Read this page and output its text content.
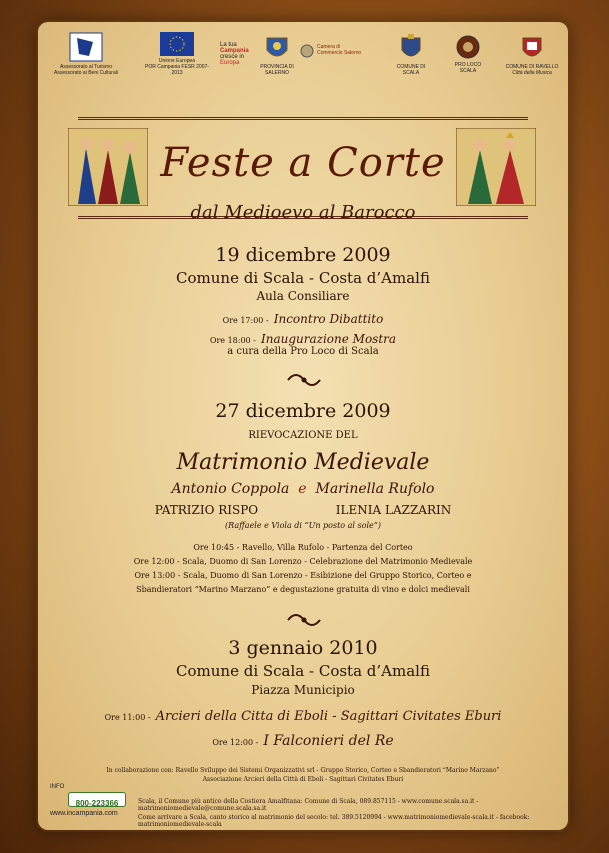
Assessorato al Turismo
Assessorato ai Beni Culturali
Unione Europea
POR Campania FESR 2007-2013
La tua
Campania
cresce in
Europa
PROVINCIA DI SALERNO
Camera di Commercio Salerno
COMUNE DI SCALA
PRO LOCO SCALA
COMUNE DI RAVELLO
Città della Musica
Feste a Corte
dal Medioevo al Barocco
19 dicembre 2009
Comune di Scala - Costa d’Amalfi
Aula Consiliare
Ore 17:00 - Incontro Dibattito
Ore 18:00 - Inaugurazione Mostra
a cura della Pro Loco di Scala
27 dicembre 2009
RIEVOCAZIONE DEL
Matrimonio Medievale
Antonio Coppola e Marinella Rufolo
PATRIZIO RISPO	ILENIA LAZZARIN
(Raffaele e Viola di “Un posto al sole”)
Ore 10:45 - Ravello, Villa Rufolo - Partenza del Corteo
Ore 12:00 - Scala, Duomo di San Lorenzo - Celebrazione del Matrimonio Medievale
Ore 13:00 - Scala, Duomo di San Lorenzo - Esibizione del Gruppo Storico, Corteo e
Sbandieratori “Marino Marzano” e degustazione gratuita di vino e dolci medievali
3 gennaio 2010
Comune di Scala - Costa d’Amalfi
Piazza Municipio
Ore 11:00 - Arcieri della Citta di Eboli - Sagittari Civitates Eburi
Ore 12:00 - I Falconieri del Re
In collaborazione con: Ravello Sviluppo dei Sistemi Organizzativi srl - Gruppo Storico, Corteo e Sbandieratori “Marino Marzano”
Associazione Arcieri della Città di Eboli - Sagittari Civitates Eburi
INFO
800-223366
www.incampania.com
Scala, il Comune più antico della Costiera Amalfitana: Comune di Scala, 089.857115 - www.comune.scala.sa.it - matrimoniomedievale@comune.scala.sa.it
Come arrivare a Scala, canto storico al matrimonio del secolo: tel. 389.5120994 - www.matrimoniomedievale-scala.it - facebook: matrimoniomedievale-scala
